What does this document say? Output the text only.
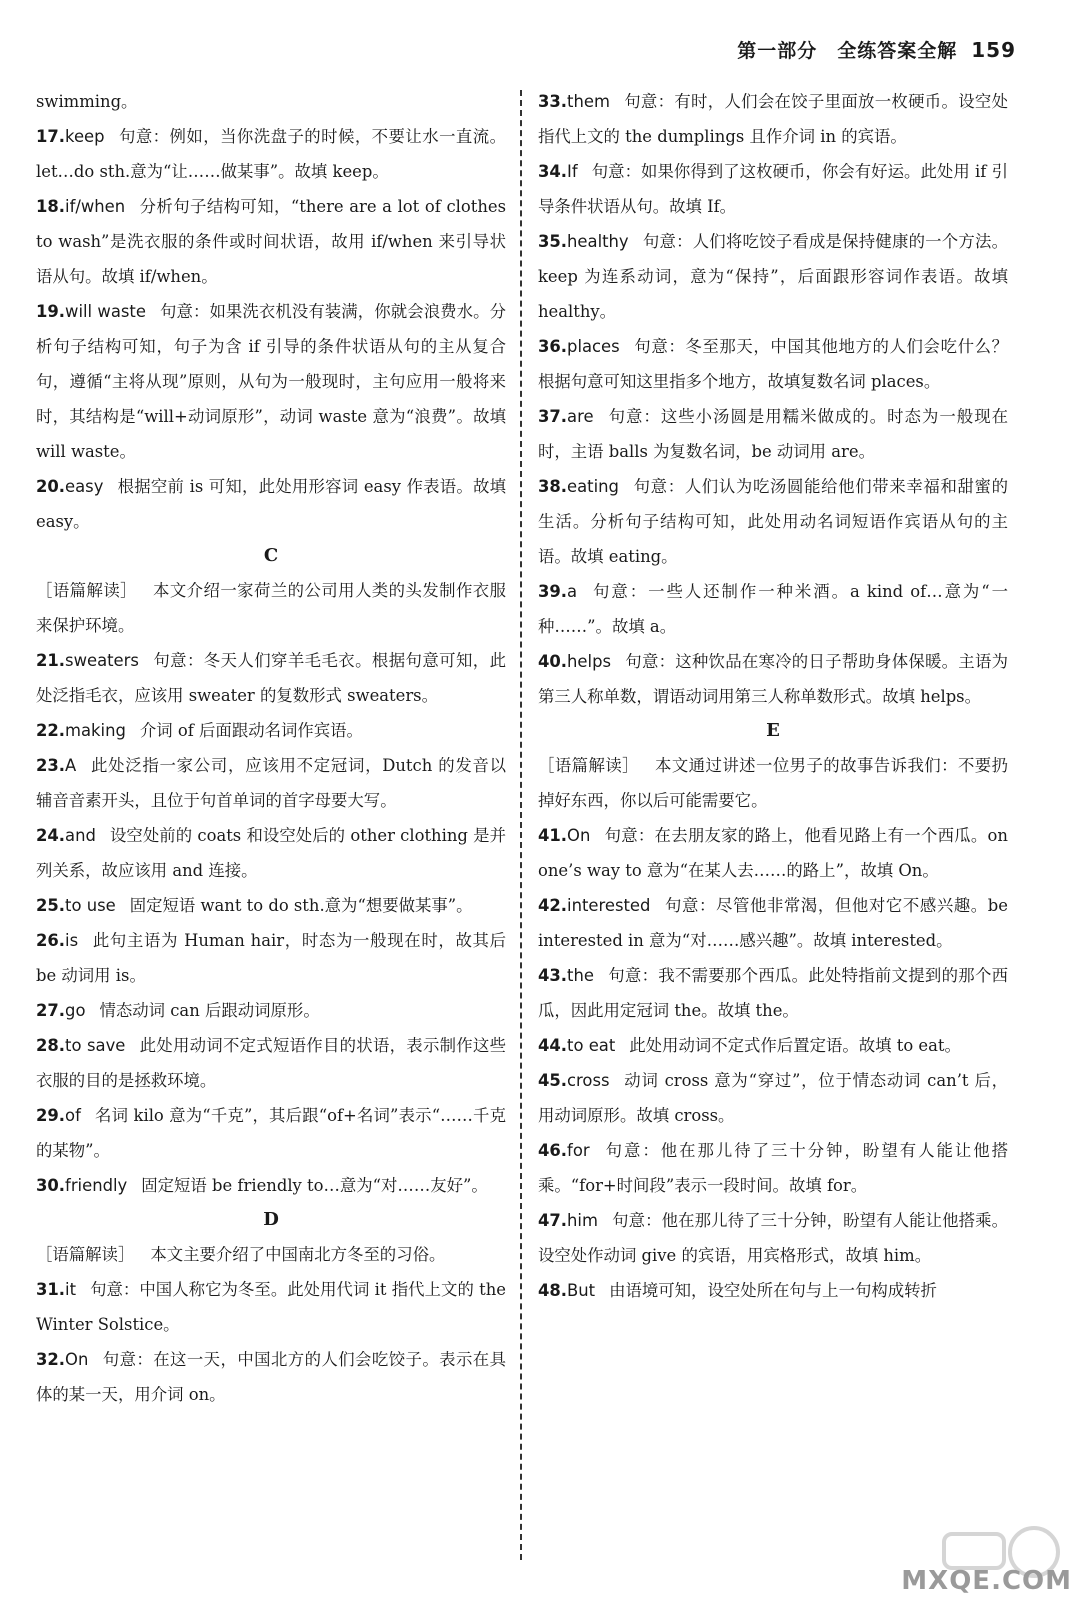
第一部分　全练答案全解 159
swimming。
17.keep 句意：例如，当你洗盘子的时候，不要让水一直流。let…do sth.意为“让……做某事”。故填 keep。
18.if/when 分析句子结构可知，“there are a lot of clothes to wash”是洗衣服的条件或时间状语，故用 if/when 来引导状语从句。故填 if/when。
19.will waste 句意：如果洗衣机没有装满，你就会浪费水。分析句子结构可知，句子为含 if 引导的条件状语从句的主从复合句，遵循“主将从现”原则，从句为一般现时，主句应用一般将来时，其结构是“will+动词原形”，动词 waste 意为“浪费”。故填 will waste。
20.easy 根据空前 is 可知，此处用形容词 easy 作表语。故填 easy。
C
［语篇解读］ 本文介绍一家荷兰的公司用人类的头发制作衣服来保护环境。
21.sweaters 句意：冬天人们穿羊毛毛衣。根据句意可知，此处泛指毛衣，应该用 sweater 的复数形式 sweaters。
22.making 介词 of 后面跟动名词作宾语。
23.A 此处泛指一家公司，应该用不定冠词，Dutch 的发音以辅音音素开头，且位于句首单词的首字母要大写。
24.and 设空处前的 coats 和设空处后的 other clothing 是并列关系，故应该用 and 连接。
25.to use 固定短语 want to do sth.意为“想要做某事”。
26.is 此句主语为 Human hair，时态为一般现在时，故其后 be 动词用 is。
27.go 情态动词 can 后跟动词原形。
28.to save 此处用动词不定式短语作目的状语，表示制作这些衣服的目的是拯救环境。
29.of 名词 kilo 意为“千克”，其后跟“of+名词”表示“……千克的某物”。
30.friendly 固定短语 be friendly to…意为“对……友好”。
D
［语篇解读］ 本文主要介绍了中国南北方冬至的习俗。
31.it 句意：中国人称它为冬至。此处用代词 it 指代上文的 the Winter Solstice。
32.On 句意：在这一天，中国北方的人们会吃饺子。表示在具体的某一天，用介词 on。
33.them 句意：有时，人们会在饺子里面放一枚硬币。设空处指代上文的 the dumplings 且作介词 in 的宾语。
34.If 句意：如果你得到了这枚硬币，你会有好运。此处用 if 引导条件状语从句。故填 If。
35.healthy 句意：人们将吃饺子看成是保持健康的一个方法。keep 为连系动词，意为“保持”，后面跟形容词作表语。故填 healthy。
36.places 句意：冬至那天，中国其他地方的人们会吃什么？根据句意可知这里指多个地方，故填复数名词 places。
37.are 句意：这些小汤圆是用糯米做成的。时态为一般现在时，主语 balls 为复数名词，be 动词用 are。
38.eating 句意：人们认为吃汤圆能给他们带来幸福和甜蜜的生活。分析句子结构可知，此处用动名词短语作宾语从句的主语。故填 eating。
39.a 句意：一些人还制作一种米酒。a kind of…意为“一种……”。故填 a。
40.helps 句意：这种饮品在寒冷的日子帮助身体保暖。主语为第三人称单数，谓语动词用第三人称单数形式。故填 helps。
E
［语篇解读］ 本文通过讲述一位男子的故事告诉我们：不要扔掉好东西，你以后可能需要它。
41.On 句意：在去朋友家的路上，他看见路上有一个西瓜。on one’s way to 意为“在某人去……的路上”，故填 On。
42.interested 句意：尽管他非常渴，但他对它不感兴趣。be interested in 意为“对……感兴趣”。故填 interested。
43.the 句意：我不需要那个西瓜。此处特指前文提到的那个西瓜，因此用定冠词 the。故填 the。
44.to eat 此处用动词不定式作后置定语。故填 to eat。
45.cross 动词 cross 意为“穿过”，位于情态动词 can’t 后，用动词原形。故填 cross。
46.for 句意：他在那儿待了三十分钟，盼望有人能让他搭乘。“for+时间段”表示一段时间。故填 for。
47.him 句意：他在那儿待了三十分钟，盼望有人能让他搭乘。设空处作动词 give 的宾语，用宾格形式，故填 him。
48.But 由语境可知，设空处所在句与上一句构成转折
MXQE.COM
